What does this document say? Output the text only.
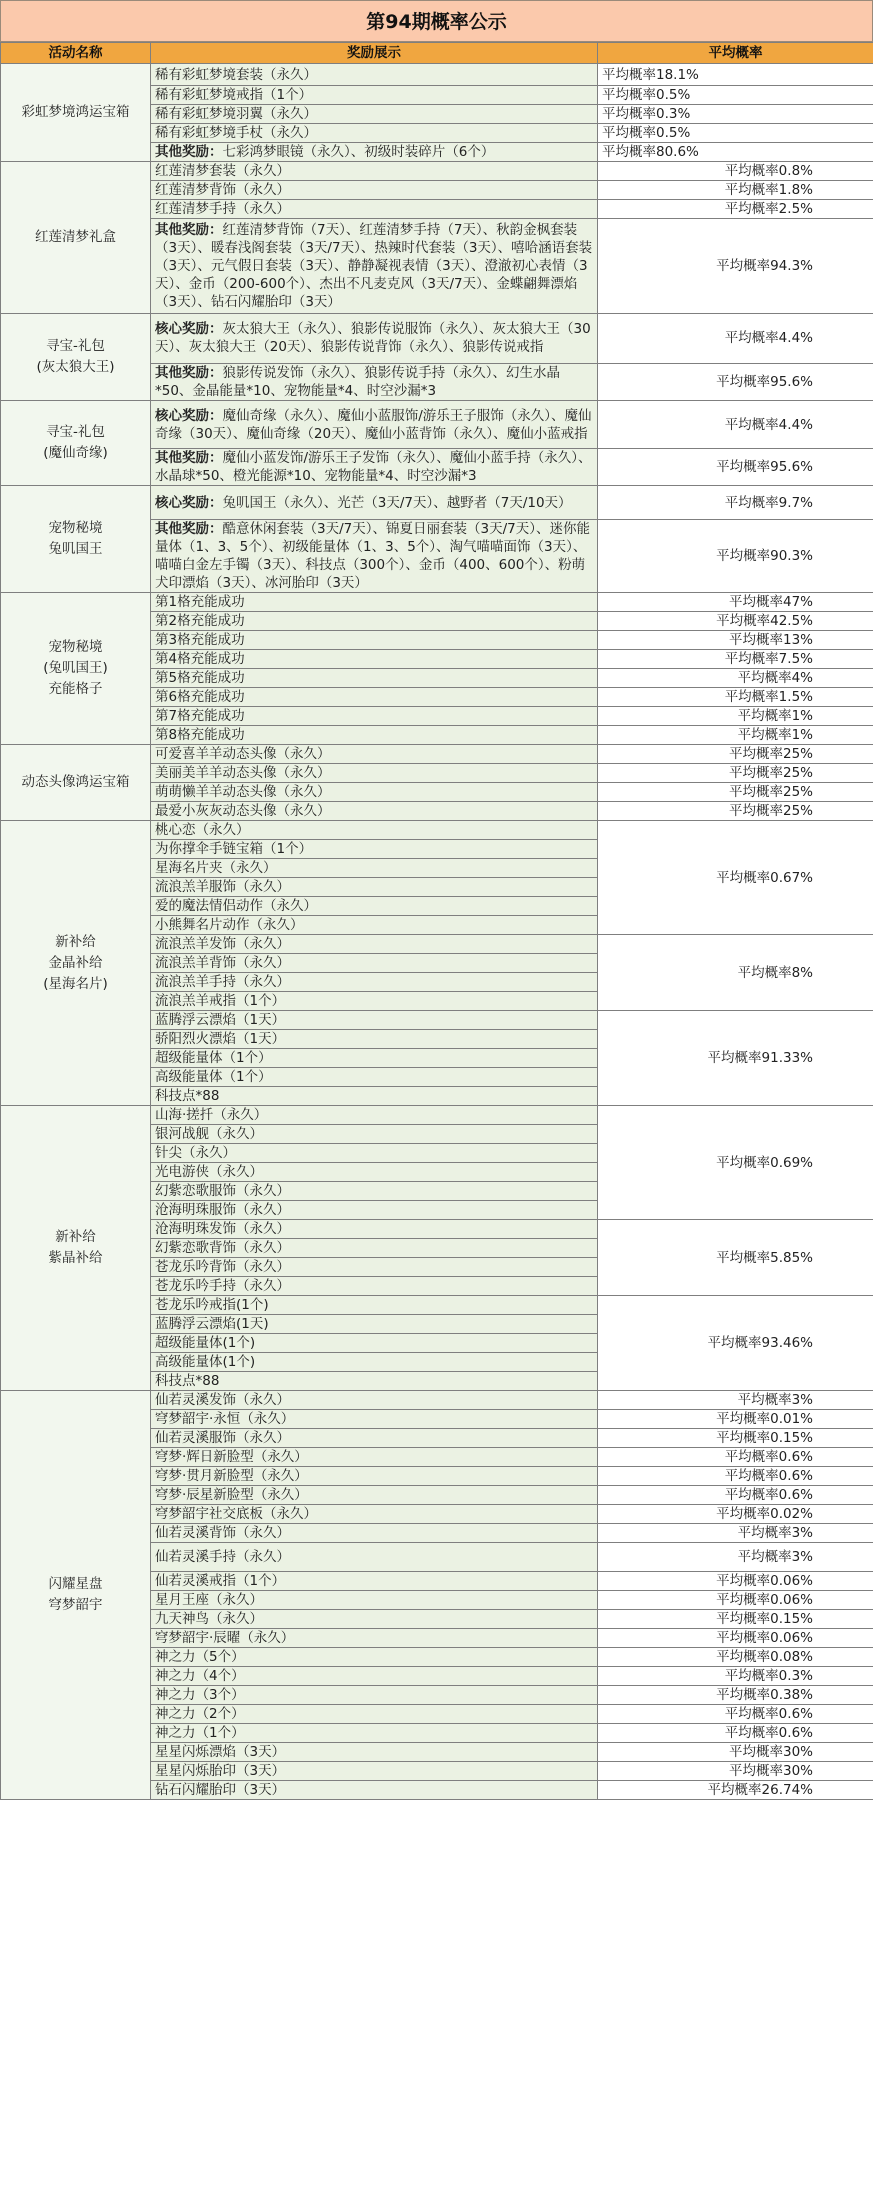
第94期概率公示
活动名称	奖励展示	平均概率
彩虹梦境鸿运宝箱	稀有彩虹梦境套装（永久）	平均概率18.1%
	稀有彩虹梦境戒指（1个）	平均概率0.5%
	稀有彩虹梦境羽翼（永久）	平均概率0.3%
	稀有彩虹梦境手杖（永久）	平均概率0.5%
	其他奖励：七彩鸿梦眼镜（永久）、初级时装碎片（6个）	平均概率80.6%
红莲清梦礼盒	红莲清梦套装（永久）	平均概率0.8%
	红莲清梦背饰（永久）	平均概率1.8%
	红莲清梦手持（永久）	平均概率2.5%
	其他奖励：红莲清梦背饰（7天）、红莲清梦手持（7天）、秋韵金枫套装（3天）、暖春浅阁套装（3天/7天）、热辣时代套装（3天）、嘻哈涵语套装（3天）、元气假日套装（3天）、静静凝视表情（3天）、澄澈初心表情（3天）、金币（200-600个）、杰出不凡麦克风（3天/7天）、金蝶翩舞漂焰（3天）、钻石闪耀胎印（3天）	平均概率94.3%
寻宝-礼包
(灰太狼大王)	核心奖励：灰太狼大王（永久）、狼影传说服饰（永久）、灰太狼大王（30天）、灰太狼大王（20天）、狼影传说背饰（永久）、狼影传说戒指	平均概率4.4%
	其他奖励：狼影传说发饰（永久）、狼影传说手持（永久）、幻生水晶*50、金晶能量*10、宠物能量*4、时空沙漏*3	平均概率95.6%
寻宝-礼包
(魔仙奇缘)	核心奖励：魔仙奇缘（永久）、魔仙小蓝服饰/游乐王子服饰（永久）、魔仙奇缘（30天）、魔仙奇缘（20天）、魔仙小蓝背饰（永久）、魔仙小蓝戒指	平均概率4.4%
	其他奖励：魔仙小蓝发饰/游乐王子发饰（永久）、魔仙小蓝手持（永久）、水晶球*50、橙光能源*10、宠物能量*4、时空沙漏*3	平均概率95.6%
宠物秘境
兔叽国王	核心奖励：兔叽国王（永久）、光芒（3天/7天）、越野者（7天/10天）	平均概率9.7%
	其他奖励：酷意休闲套装（3天/7天）、锦夏日丽套装（3天/7天）、迷你能量体（1、3、5个）、初级能量体（1、3、5个）、淘气喵喵面饰（3天）、喵喵白金左手镯（3天）、科技点（300个）、金币（400、600个）、粉萌犬印漂焰（3天）、冰河胎印（3天）	平均概率90.3%
宠物秘境
(兔叽国王)
充能格子	第1格充能成功	平均概率47%
	第2格充能成功	平均概率42.5%
	第3格充能成功	平均概率13%
	第4格充能成功	平均概率7.5%
	第5格充能成功	平均概率4%
	第6格充能成功	平均概率1.5%
	第7格充能成功	平均概率1%
	第8格充能成功	平均概率1%
动态头像鸿运宝箱	可爱喜羊羊动态头像（永久）	平均概率25%
	美丽美羊羊动态头像（永久）	平均概率25%
	萌萌懒羊羊动态头像（永久）	平均概率25%
	最爱小灰灰动态头像（永久）	平均概率25%
新补给
金晶补给
(星海名片)	桃心恋（永久）	平均概率0.67%
	为你撑伞手链宝箱（1个）	
	星海名片夹（永久）	
	流浪羔羊服饰（永久）	
	爱的魔法情侣动作（永久）	
	小熊舞名片动作（永久）	
	流浪羔羊发饰（永久）	平均概率8%
	流浪羔羊背饰（永久）	
	流浪羔羊手持（永久）	
	流浪羔羊戒指（1个）	
	蓝腾浮云漂焰（1天）	平均概率91.33%
	骄阳烈火漂焰（1天）	
	超级能量体（1个）	
	高级能量体（1个）	
	科技点*88	
新补给
紫晶补给	山海·搓扦（永久）	平均概率0.69%
	银河战舰（永久）	
	针尖（永久）	
	光电游侠（永久）	
	幻紫恋歌服饰（永久）	
	沧海明珠服饰（永久）	
	沧海明珠发饰（永久）	平均概率5.85%
	幻紫恋歌背饰（永久）	
	苍龙乐吟背饰（永久）	
	苍龙乐吟手持（永久）	
	苍龙乐吟戒指(1个)	平均概率93.46%
	蓝腾浮云漂焰(1天)	
	超级能量体(1个)	
	高级能量体(1个)	
	科技点*88	
闪耀星盘
穹梦韶宇	仙若灵溪发饰（永久）	平均概率3%
	穹梦韶宇·永恒（永久）	平均概率0.01%
	仙若灵溪服饰（永久）	平均概率0.15%
	穹梦·辉日新脸型（永久）	平均概率0.6%
	穹梦·贯月新脸型（永久）	平均概率0.6%
	穹梦·辰星新脸型（永久）	平均概率0.6%
	穹梦韶宇社交底板（永久）	平均概率0.02%
	仙若灵溪背饰（永久）	平均概率3%
	仙若灵溪手持（永久）	平均概率3%
	仙若灵溪戒指（1个）	平均概率0.06%
	星月王座（永久）	平均概率0.06%
	九天神鸟（永久）	平均概率0.15%
	穹梦韶宇·辰曜（永久）	平均概率0.06%
	神之力（5个）	平均概率0.08%
	神之力（4个）	平均概率0.3%
	神之力（3个）	平均概率0.38%
	神之力（2个）	平均概率0.6%
	神之力（1个）	平均概率0.6%
	星星闪烁漂焰（3天）	平均概率30%
	星星闪烁胎印（3天）	平均概率30%
	钻石闪耀胎印（3天）	平均概率26.74%
